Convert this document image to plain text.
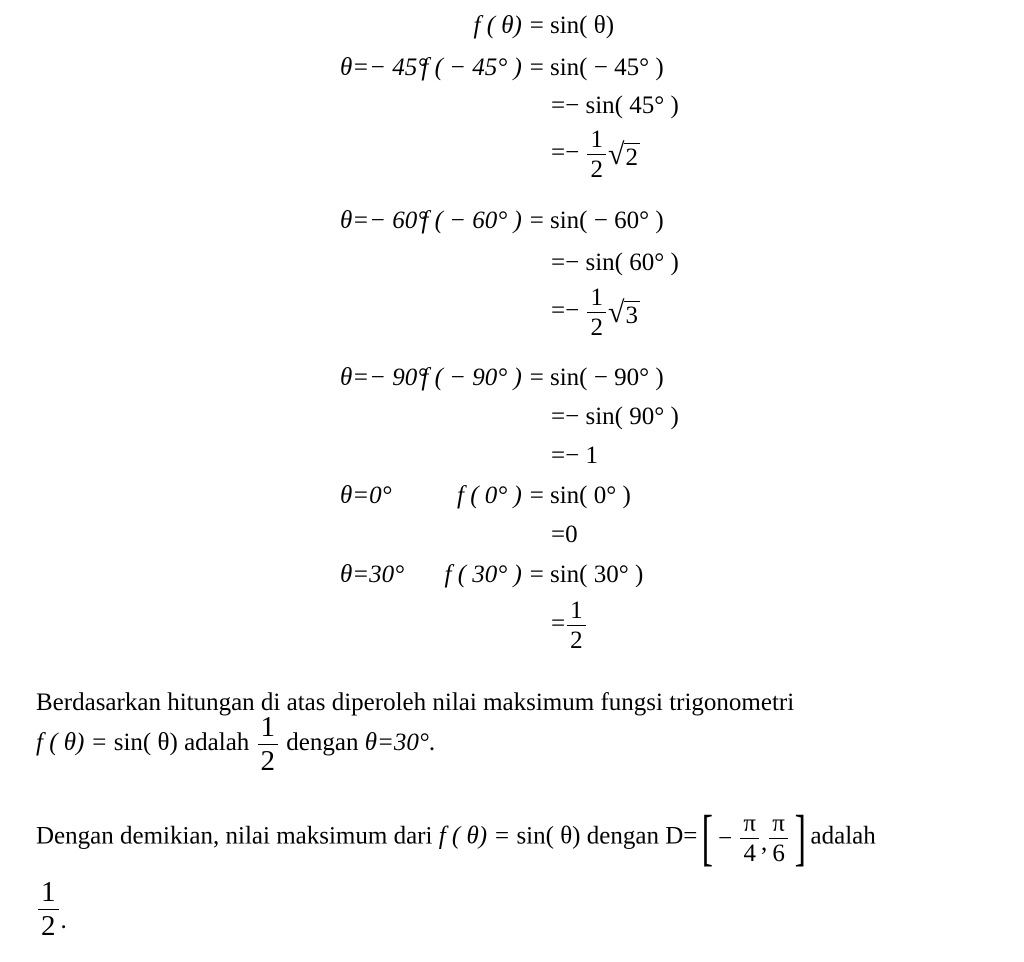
f ( θ) = sin( θ)
θ=− 45°
f ( − 45° ) = sin( − 45° )
=− sin( 45° )
=− $\frac{1}{2}$ √ 2
θ=− 60°
f ( − 60° ) = sin( − 60° )
=− sin( 60° )
=− $\frac{1}{2}$ √ 3
θ=− 90°
f ( − 90° ) = sin( − 90° )
=− sin( 90° )
=− 1
θ=0°	f ( 0° ) = sin( 0° )
=0
θ=30°	f ( 30° ) = sin( 30° )
= $\frac{1}{2}$
Berdasarkan hitungan di atas diperoleh nilai maksimum fungsi trigonometri
f ( θ) = sin( θ) adalah $\frac{1}{2}$ dengan θ=30°.
Dengan demikian, nilai maksimum dari f ( θ) = sin( θ) dengan D= [ −
$\frac{\pi}{4}$ , $\frac{\pi}{6}$ ] adalah
$\frac{1}{2}$ .
